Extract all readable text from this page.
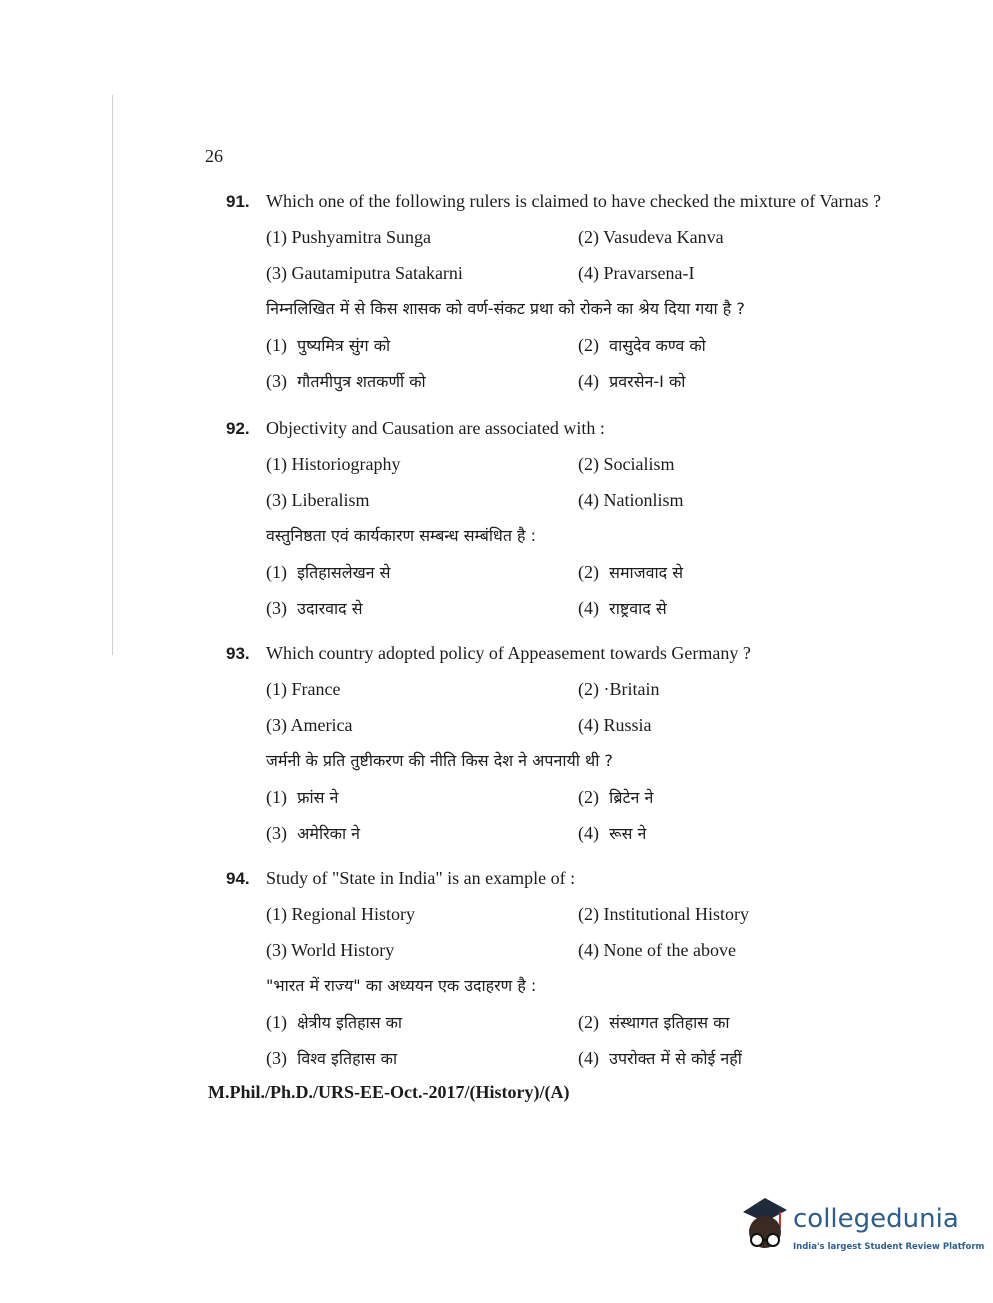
26
91. Which one of the following rulers is claimed to have checked the mixture of Varnas ?
(1) Pushyamitra Sunga	(2) Vasudeva Kanva
(3) Gautamiputra Satakarni	(4) Pravarsena-I
निम्नलिखित में से किस शासक को वर्ण-संकट प्रथा को रोकने का श्रेय दिया गया है ?
(1) पुष्यमित्र सुंग को	(2) वासुदेव कण्व को
(3) गौतमीपुत्र शतकर्णी को	(4) प्रवरसेन-I को
92. Objectivity and Causation are associated with :
(1) Historiography	(2) Socialism
(3) Liberalism	(4) Nationlism
वस्तुनिष्ठता एवं कार्यकारण सम्बन्ध सम्बंधित है :
(1) इतिहासलेखन से	(2) समाजवाद से
(3) उदारवाद से	(4) राष्ट्रवाद से
93. Which country adopted policy of Appeasement towards Germany ?
(1) France	(2) ·Britain
(3) America	(4) Russia
जर्मनी के प्रति तुष्टीकरण की नीति किस देश ने अपनायी थी ?
(1) फ्रांस ने	(2) ब्रिटेन ने
(3) अमेरिका ने	(4) रूस ने
94. Study of "State in India" is an example of :
(1) Regional History	(2) Institutional History
(3) World History	(4) None of the above
"भारत में राज्य" का अध्ययन एक उदाहरण है :
(1) क्षेत्रीय इतिहास का	(2) संस्थागत इतिहास का
(3) विश्व इतिहास का	(4) उपरोक्त में से कोई नहीं
M.Phil./Ph.D./URS-EE-Oct.-2017/(History)/(A)
collegedunia
India's largest Student Review Platform
